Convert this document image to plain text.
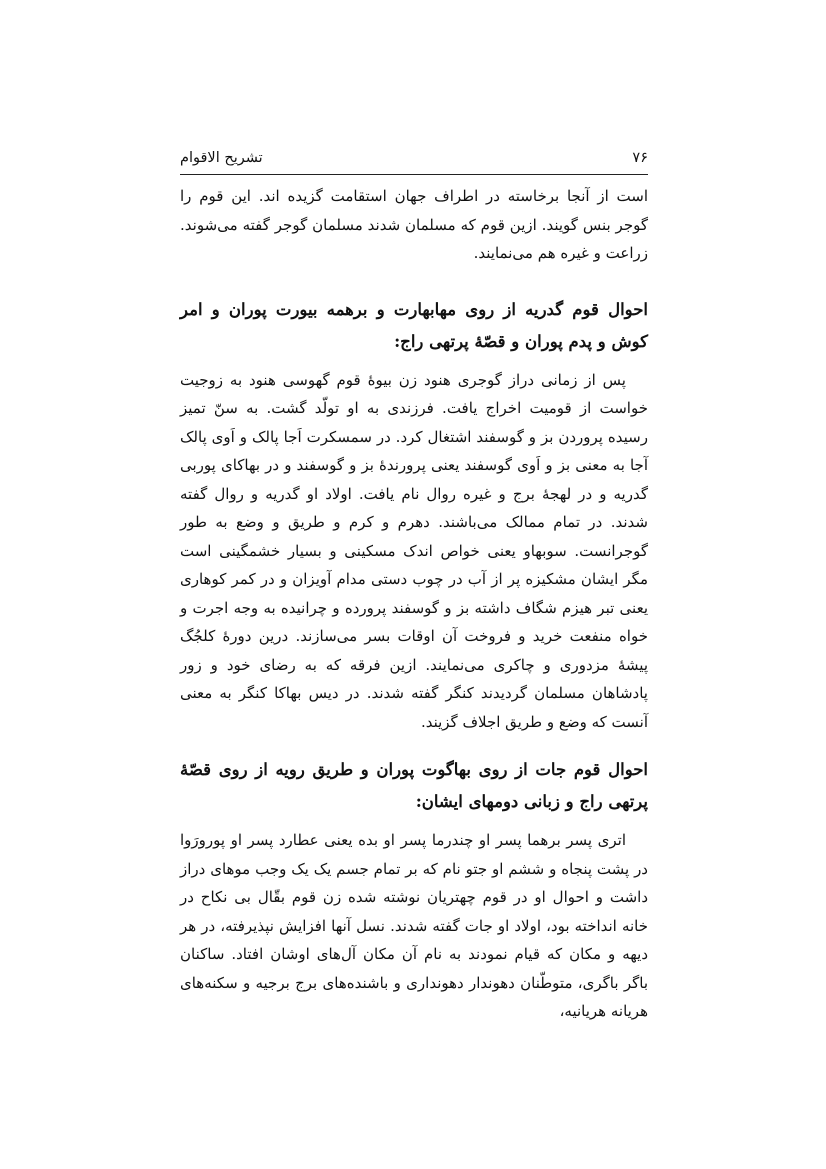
۷۶
تشریح الاقوام

است از آنجا برخاسته در اطراف جهان استقامت گزیده اند. این قوم را گوجر بنس گویند. ازین قوم که مسلمان شدند مسلمان گوجر گفته می‌شوند. زراعت و غیره هم می‌نمایند.

احوال قوم گدریه از روی مهابهارت و برهمه بیورت پوران و امر کوش و پدم پوران و قصّهٔ پرتهی راج:

پس از زمانی دراز گوجری هنود زن بیوهٔ قوم گهوسی هنود به زوجیت خواست از قومیت اخراج یافت. فرزندی به او تولّد گشت. به سنّ تمیز رسیده پروردن بز و گوسفند اشتغال کرد. در سمسکرت اَجا پالک و اَوی پالک آجا به معنی بز و اَوی گوسفند یعنی پرورندهٔ بز و گوسفند و در بهاکای پوربی گدریه و در لهجهٔ برج و غیره روال نام یافت. اولاد او گدریه و روال گفته شدند. در تمام ممالک می‌باشند. دهرم و کرم و طریق و وضع به طور گوجرانست. سوبهاو یعنی خواص اندک مسکینی و بسیار خشمگینی است مگر ایشان مشکیزه پر از آب در چوب دستی مدام آویزان و در کمر کوهاری یعنی تبر هیزم شگاف داشته بز و گوسفند پرورده و چرانیده به وجه اجرت و خواه منفعت خرید و فروخت آن اوقات بسر می‌سازند. درین دورهٔ کلجُگ پیشهٔ مزدوری و چاکری می‌نمایند. ازین فرقه که به رضای خود و زور پادشاهان مسلمان گردیدند کنگر گفته شدند. در دیس بهاکا کنگر به معنی آنست که وضع و طریق اجلاف گزیند.

احوال قوم جات از روی بهاگوت پوران و طریق رویه از روی قصّهٔ پرتهی راج و زبانی دومهای ایشان:

اتری پسر برهما پسر او چندرما پسر او بده یعنی عطارد پسر او پورورَوا در پشت پنجاه و ششم او جتو نام که بر تمام جسم یک یک وجب موهای دراز داشت و احوال او در قوم چهتریان نوشته شده زن قوم بقّال بی نکاح در خانه انداخته بود، اولاد او جات گفته شدند. نسل آنها افزایش نپذیرفته، در هر دیهه و مکان که قیام نمودند به نام آن مکان آل‌های اوشان افتاد. ساکنان باگر باگری، متوطّنان دهوندار دهونداری و باشنده‌های برج برجیه و سکنه‌های هریانه هریانیه،
